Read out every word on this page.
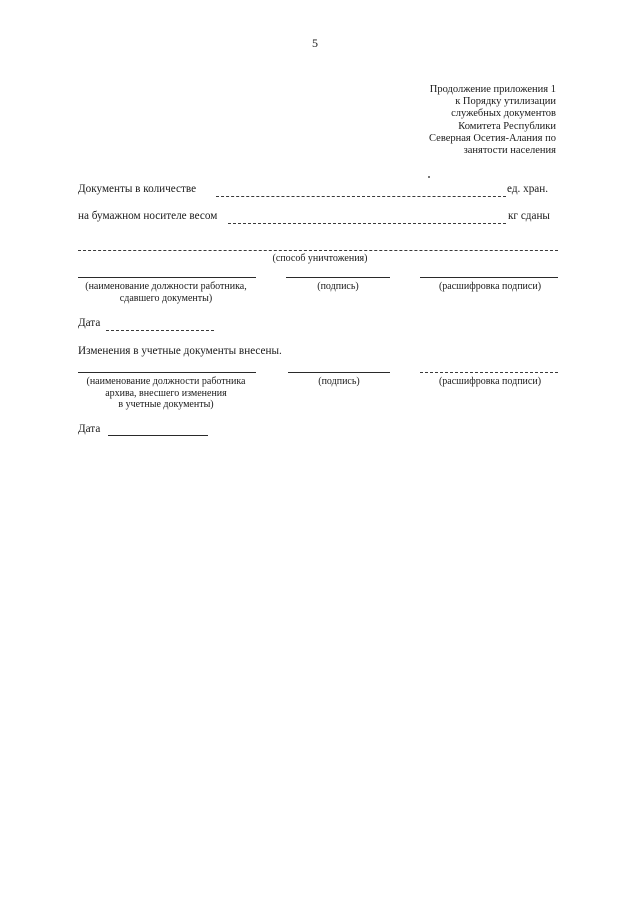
5
Продолжение приложения 1
к Порядку утилизации
служебных документов
Комитета Республики
Северная Осетия-Алания по
занятости населения
Документы в количестве	ед. хран.
на бумажном носителе весом	кг сданы
(способ уничтожения)
(наименование должности работника,
сдавшего документы)
(подпись)	(расшифровка подписи)
Дата
Изменения в учетные документы внесены.
(наименование должности работника
архива, внесшего изменения
в учетные документы)
(подпись)	(расшифровка подписи)
Дата
